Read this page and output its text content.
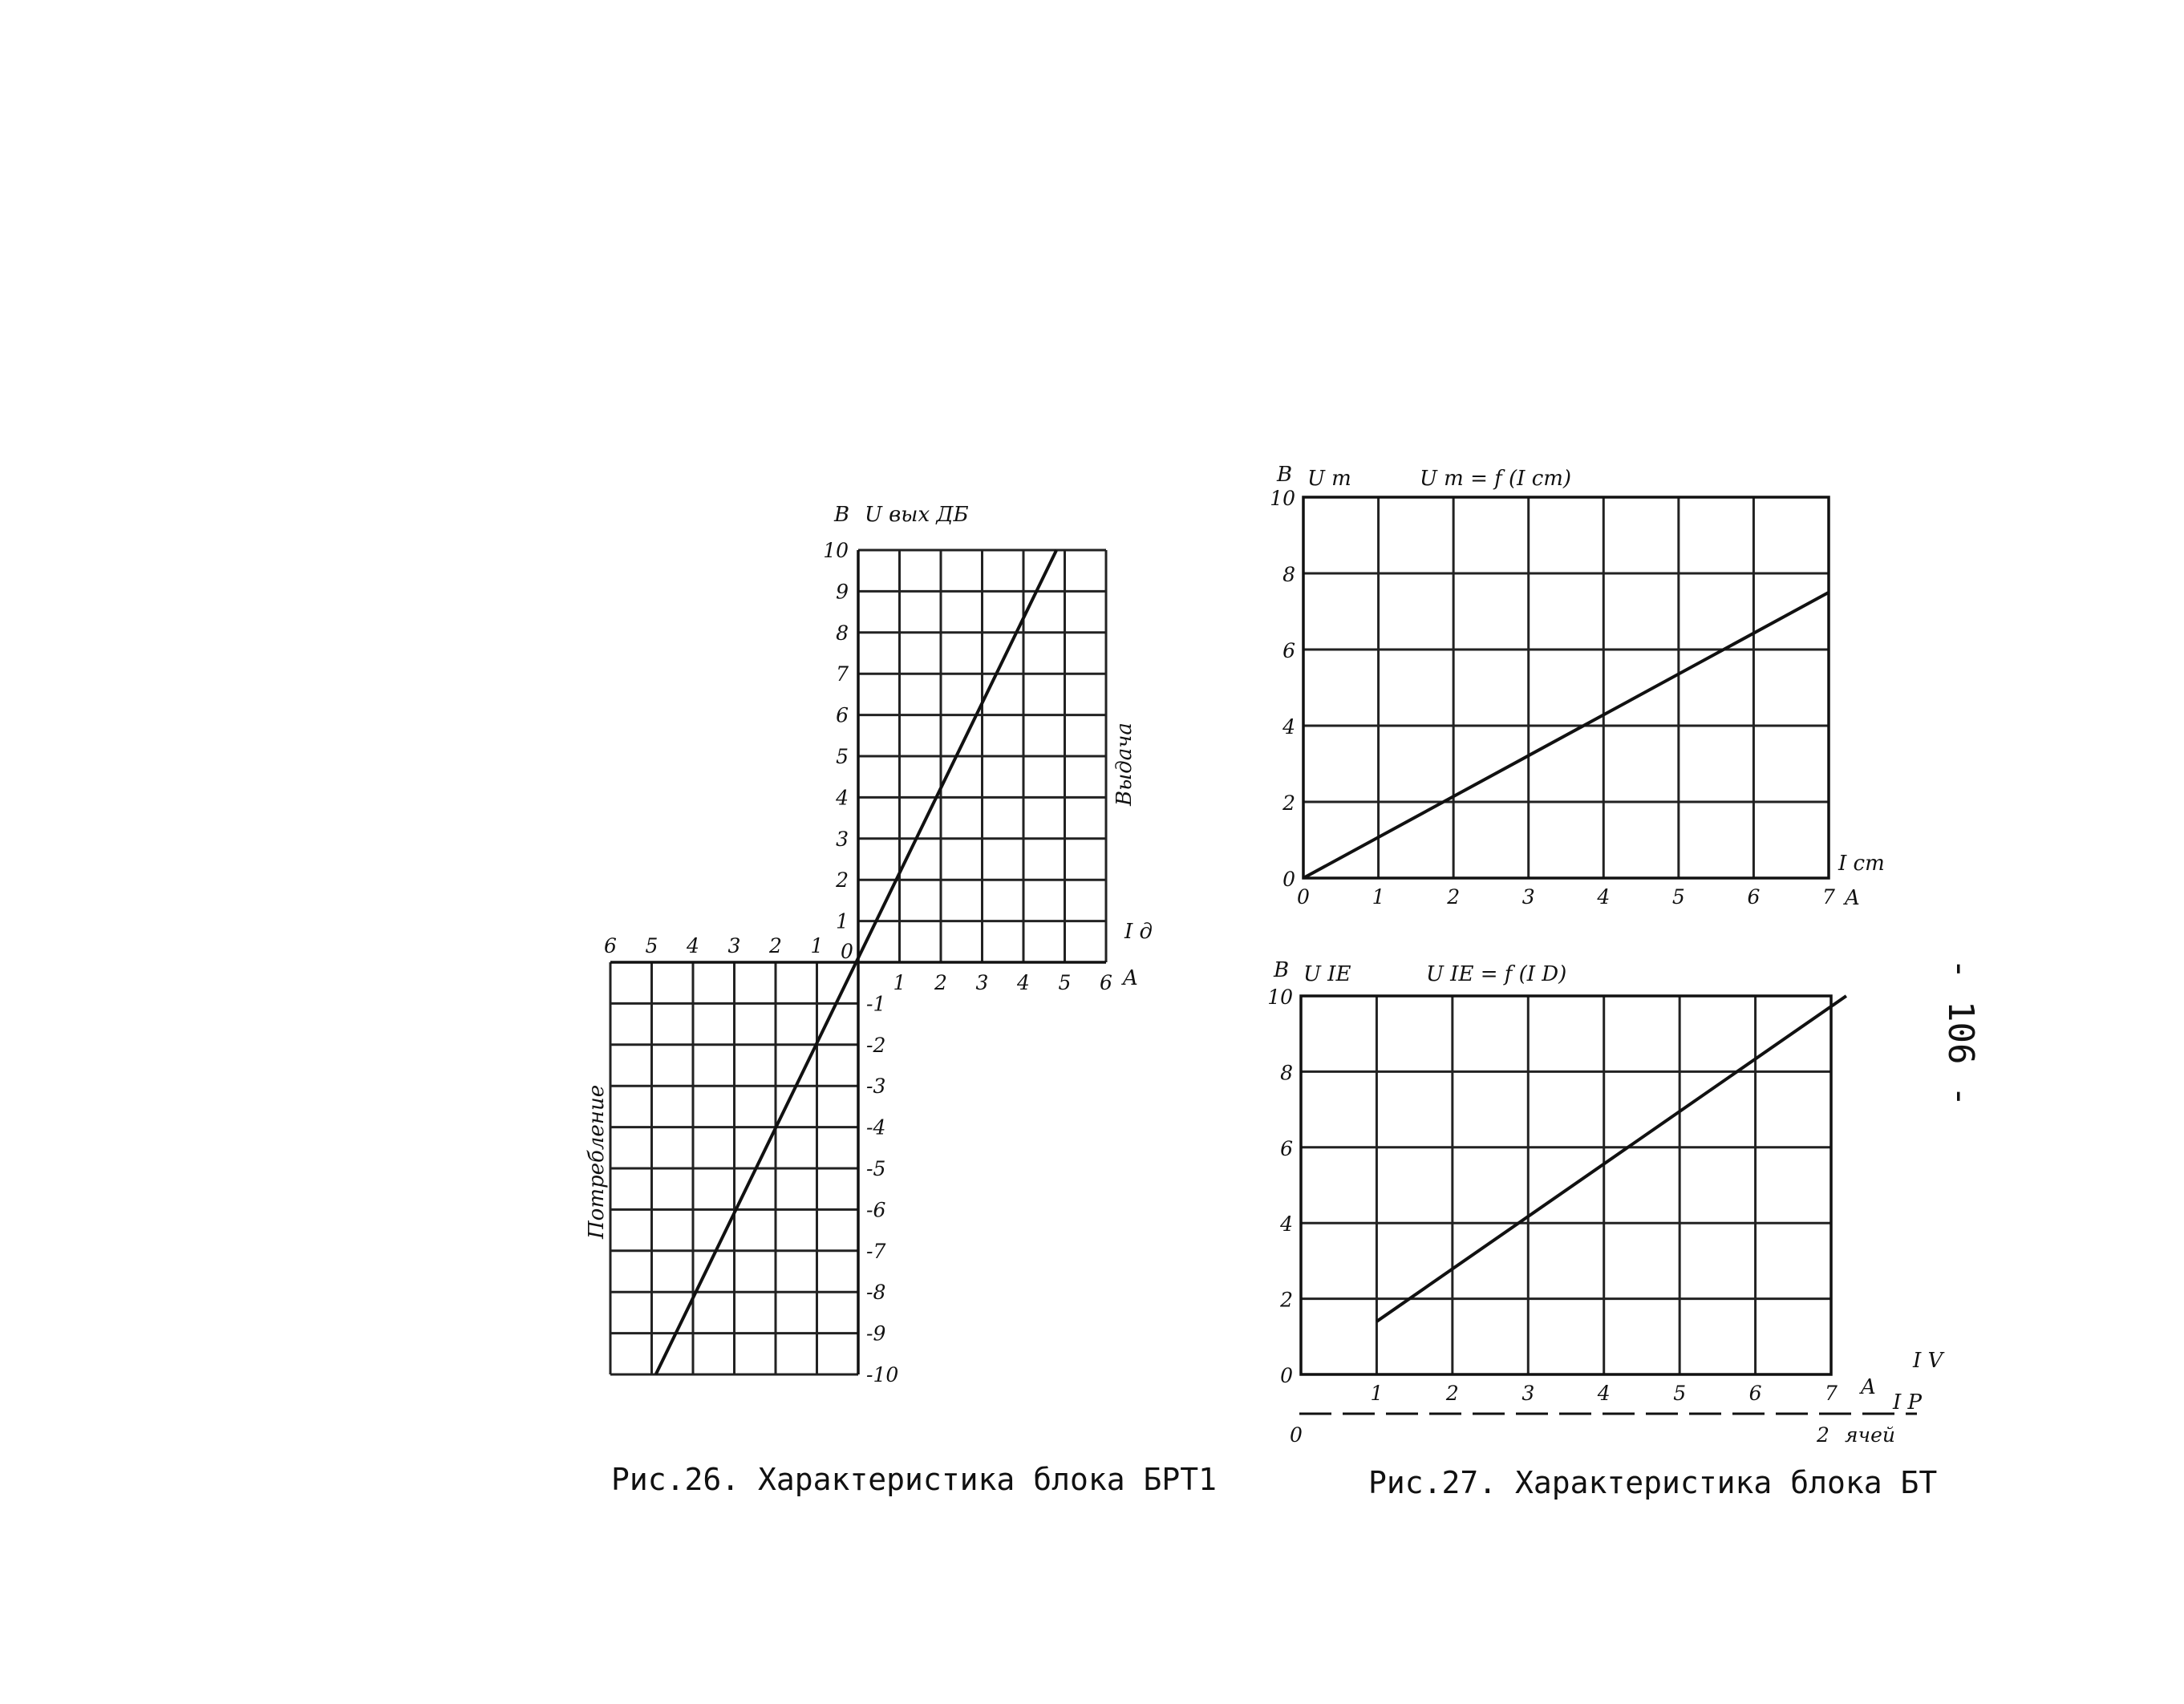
1 2 3 4 5 6
6 5 4 3 2 1
1
2
3
4
5
6
7
8
9
10
-1
-2
-3
-4
-5
-6
-7
-8
-9
-10
0
В U вых ДБ
I д
A
Выдача
Потребление
Рис.26. Характеристика блока БРТ1
0	1	2	3	4	5	6	7
0
2
4
6
8
10
В U т	U т = f (I ст)
I ст
A
1	2	3	4	5	6	7
0
2
4
6
8
10
В U IE	U IE = f (I D)
I V
A
I P
0	2 ячей
Рис.27. Характеристика блока БТ
- 106 -
